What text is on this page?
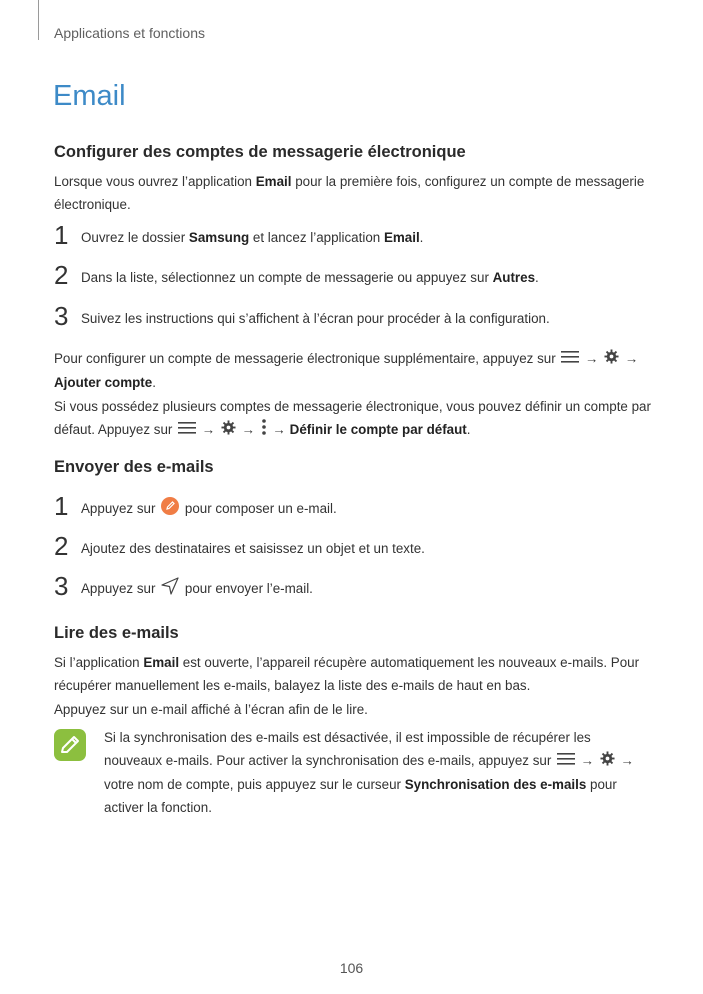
Applications et fonctions
Email
Configurer des comptes de messagerie électronique
Lorsque vous ouvrez l’application Email pour la première fois, configurez un compte de messagerie électronique.
1 Ouvrez le dossier Samsung et lancez l’application Email.
2 Dans la liste, sélectionnez un compte de messagerie ou appuyez sur Autres.
3 Suivez les instructions qui s’affichent à l’écran pour procéder à la configuration.
Pour configurer un compte de messagerie électronique supplémentaire, appuyez sur  → →
Ajouter compte.
Si vous possédez plusieurs comptes de messagerie électronique, vous pouvez définir un compte par défaut. Appuyez sur  → → → Définir le compte par défaut.
Envoyer des e-mails
1 Appuyez sur  pour composer un e-mail.
2 Ajoutez des destinataires et saisissez un objet et un texte.
3 Appuyez sur  pour envoyer l’e-mail.
Lire des e-mails
Si l’application Email est ouverte, l’appareil récupère automatiquement les nouveaux e-mails. Pour récupérer manuellement les e-mails, balayez la liste des e-mails de haut en bas.
Appuyez sur un e-mail affiché à l’écran afin de le lire.
Si la synchronisation des e-mails est désactivée, il est impossible de récupérer les nouveaux e-mails. Pour activer la synchronisation des e-mails, appuyez sur  → → votre nom de compte, puis appuyez sur le curseur Synchronisation des e-mails pour activer la fonction.
106
